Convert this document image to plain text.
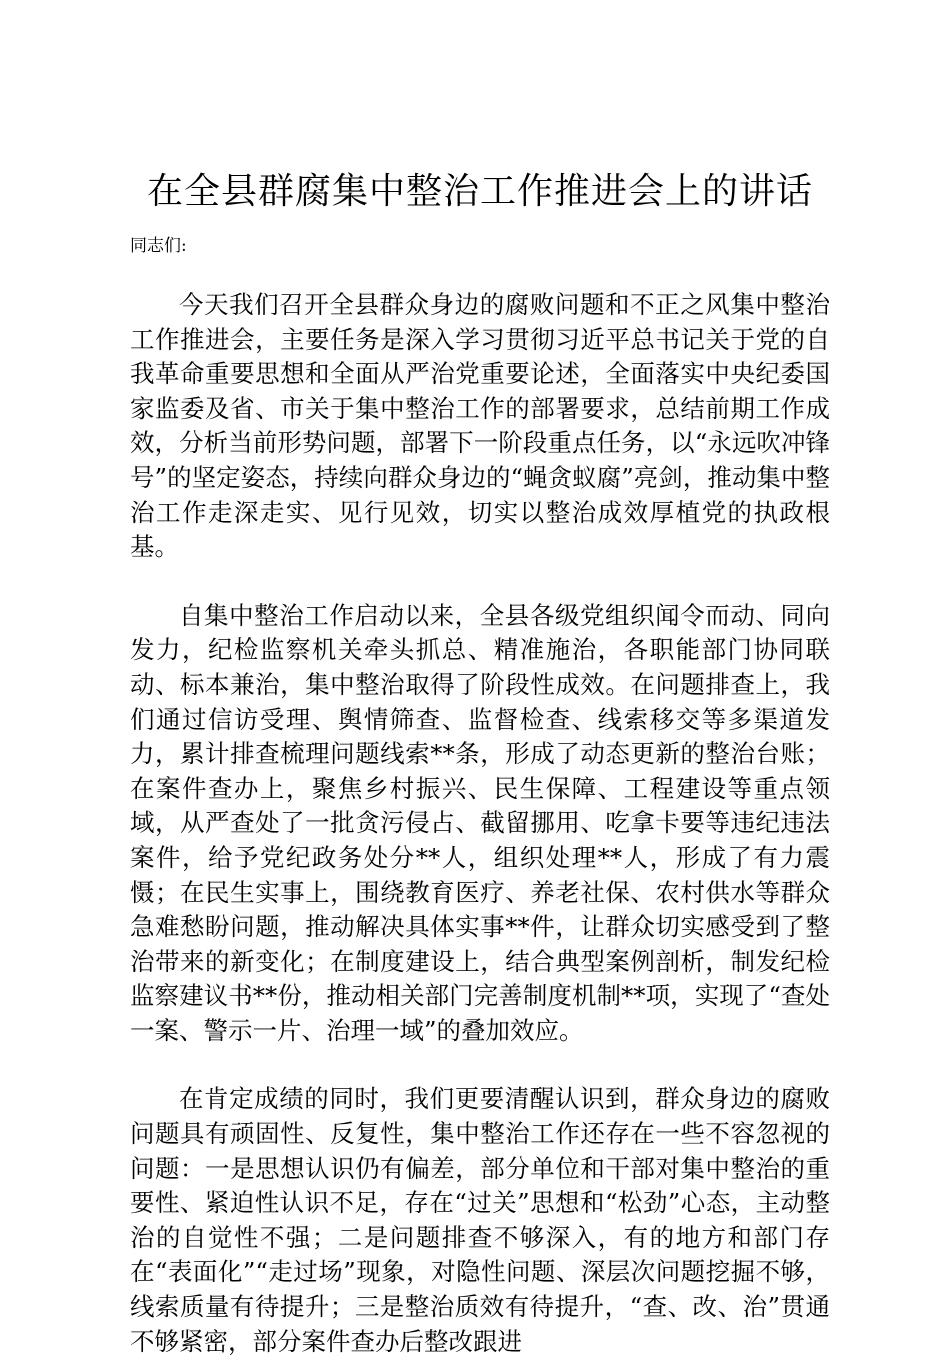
在全县群腐集中整治工作推进会上的讲话
同志们:

今天我们召开全县群众身边的腐败问题和不正之风集中整治工作推进会，主要任务是深入学习贯彻习近平总书记关于党的自我革命重要思想和全面从严治党重要论述，全面落实中央纪委国家监委及省、市关于集中整治工作的部署要求，总结前期工作成效，分析当前形势问题，部署下一阶段重点任务，以“永远吹冲锋号”的坚定姿态，持续向群众身边的“蝇贪蚁腐”亮剑，推动集中整治工作走深走实、见行见效，切实以整治成效厚植党的执政根基。

自集中整治工作启动以来，全县各级党组织闻令而动、同向发力，纪检监察机关牵头抓总、精准施治，各职能部门协同联动、标本兼治，集中整治取得了阶段性成效。在问题排查上，我们通过信访受理、舆情筛查、监督检查、线索移交等多渠道发力，累计排查梳理问题线索**条，形成了动态更新的整治台账；在案件查办上，聚焦乡村振兴、民生保障、工程建设等重点领域，从严查处了一批贪污侵占、截留挪用、吃拿卡要等违纪违法案件，给予党纪政务处分**人，组织处理**人，形成了有力震慑；在民生实事上，围绕教育医疗、养老社保、农村供水等群众急难愁盼问题，推动解决具体实事**件，让群众切实感受到了整治带来的新变化；在制度建设上，结合典型案例剖析，制发纪检监察建议书**份，推动相关部门完善制度机制**项，实现了“查处一案、警示一片、治理一域”的叠加效应。

在肯定成绩的同时，我们更要清醒认识到，群众身边的腐败问题具有顽固性、反复性，集中整治工作还存在一些不容忽视的问题：一是思想认识仍有偏差，部分单位和干部对集中整治的重要性、紧迫性认识不足，存在“过关”思想和“松劲”心态，主动整治的自觉性不强；二是问题排查不够深入，有的地方和部门存在“表面化”“走过场”现象，对隐性问题、深层次问题挖掘不够，线索质量有待提升；三是整治质效有待提升，“查、改、治”贯通不够紧密，部分案件查办后整改跟进
